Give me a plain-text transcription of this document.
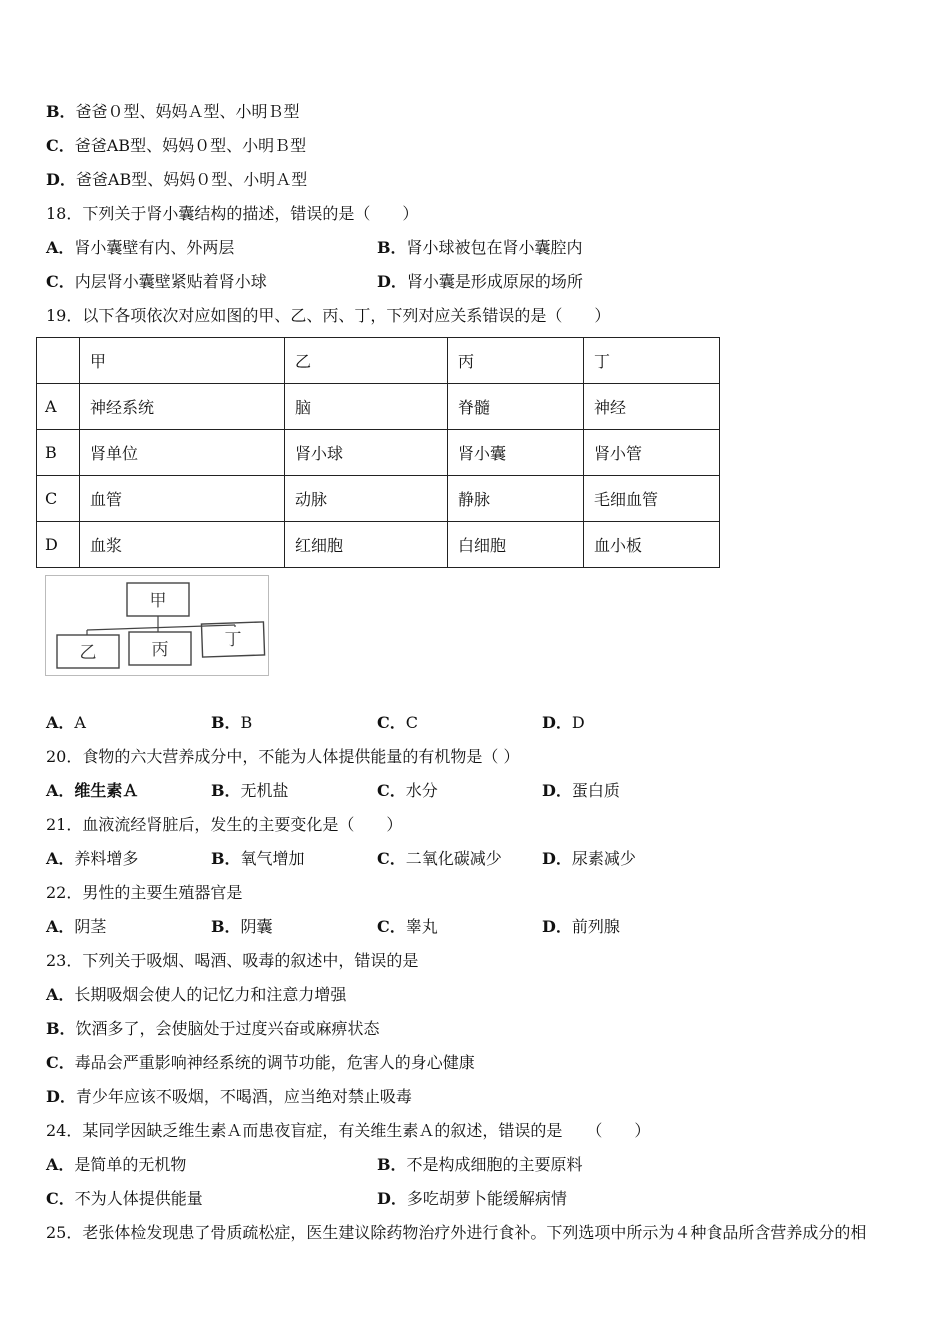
B．爸爸０型、妈妈Ａ型、小明Ｂ型
C．爸爸AB型、妈妈０型、小明Ｂ型
D．爸爸AB型、妈妈０型、小明Ａ型
18．下列关于肾小囊结构的描述，错误的是（　　）
A．肾小囊壁有内、外两层	B．肾小球被包在肾小囊腔内
C．内层肾小囊壁紧贴着肾小球	D．肾小囊是形成原尿的场所
19．以下各项依次对应如图的甲、乙、丙、丁，下列对应关系错误的是（　　）
	甲	乙	丙	丁
A	神经系统	脑	脊髓	神经
B	肾单位	肾小球	肾小囊	肾小管
C	血管	动脉	静脉	毛细血管
D	血浆	红细胞	白细胞	血小板
甲
乙	丙	丁
A．A	B．B	C．C	D．D
20．食物的六大营养成分中，不能为人体提供能量的有机物是（ ）
A．维生素Ａ	B．无机盐	C．水分	D．蛋白质
21．血液流经肾脏后，发生的主要变化是（　　）
A．养料增多	B．氧气增加	C．二氧化碳减少	D．尿素减少
22．男性的主要生殖器官是
A．阴茎	B．阴囊	C．睾丸	D．前列腺
23．下列关于吸烟、喝酒、吸毒的叙述中，错误的是
A．长期吸烟会使人的记忆力和注意力增强
B．饮酒多了，会使脑处于过度兴奋或麻痹状态
C．毒品会严重影响神经系统的调节功能，危害人的身心健康
D．青少年应该不吸烟，不喝酒，应当绝对禁止吸毒
24．某同学因缺乏维生素Ａ而患夜盲症，有关维生素Ａ的叙述，错误的是　　（　　）
A．是简单的无机物	B．不是构成细胞的主要原料
C．不为人体提供能量	D．多吃胡萝卜能缓解病情
25．老张体检发现患了骨质疏松症，医生建议除药物治疗外进行食补。下列选项中所示为４种食品所含营养成分的相
